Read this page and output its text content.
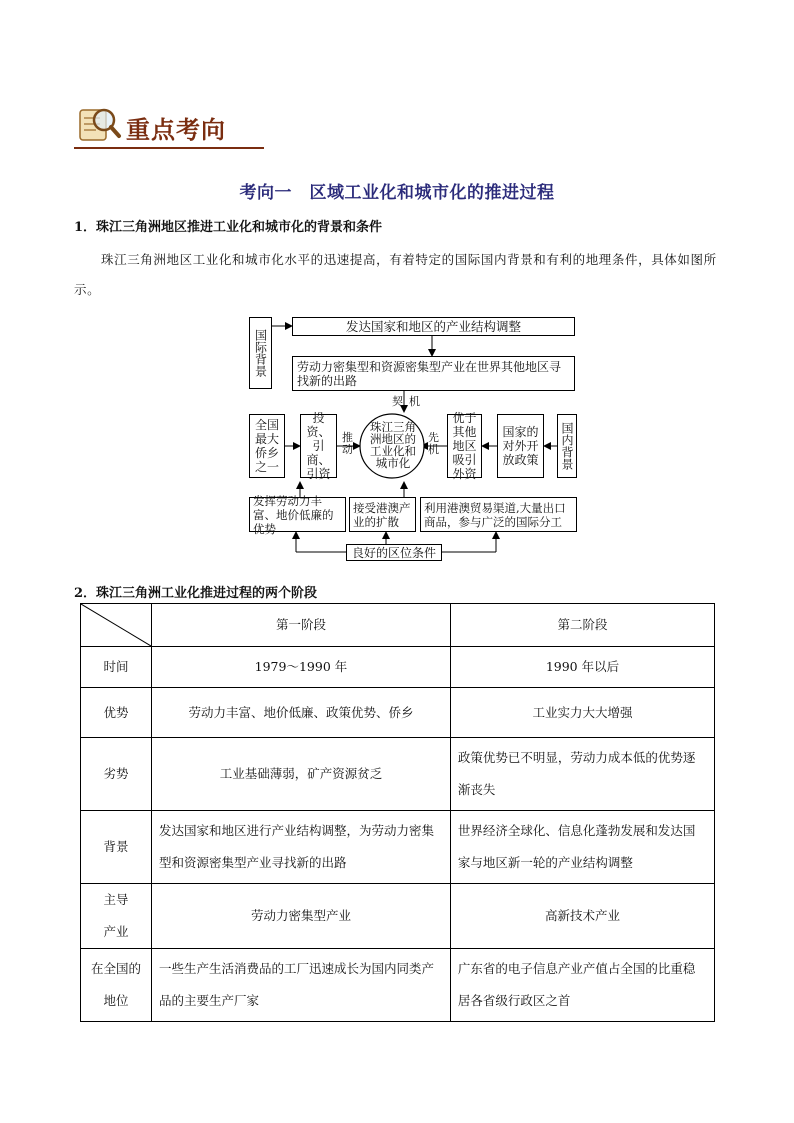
重点考向
考向一　区域工业化和城市化的推进过程
1．珠江三角洲地区推进工业化和城市化的背景和条件
珠江三角洲地区工业化和城市化水平的迅速提高，有着特定的国际国内背景和有利的地理条件，具体如图所示。
国际背景
发达国家和地区的产业结构调整
劳动力密集型和资源密集型产业在世界其他地区寻找新的出路
契机
全国最大侨乡之一
投资、引商、引资
推动
珠江三角洲地区的工业化和城市化
先机
优于其他地区吸引外资
国家的对外开放政策	国内背景
发挥劳动力丰富、地价低廉的优势
接受港澳产业的扩散
利用港澳贸易渠道,大量出口商品，参与广泛的国际分工
良好的区位条件
2．珠江三角洲工业化推进过程的两个阶段
	第一阶段	第二阶段
时间	1979～1990 年	1990 年以后
优势	劳动力丰富、地价低廉、政策优势、侨乡	工业实力大大增强
劣势	工业基础薄弱，矿产资源贫乏	政策优势已不明显，劳动力成本低的优势逐渐丧失
背景	发达国家和地区进行产业结构调整，为劳动力密集型和资源密集型产业寻找新的出路	世界经济全球化、信息化蓬勃发展和发达国家与地区新一轮的产业结构调整
主导产业	劳动力密集型产业	高新技术产业
在全国的地位	一些生产生活消费品的工厂迅速成长为国内同类产品的主要生产厂家	广东省的电子信息产业产值占全国的比重稳居各省级行政区之首
